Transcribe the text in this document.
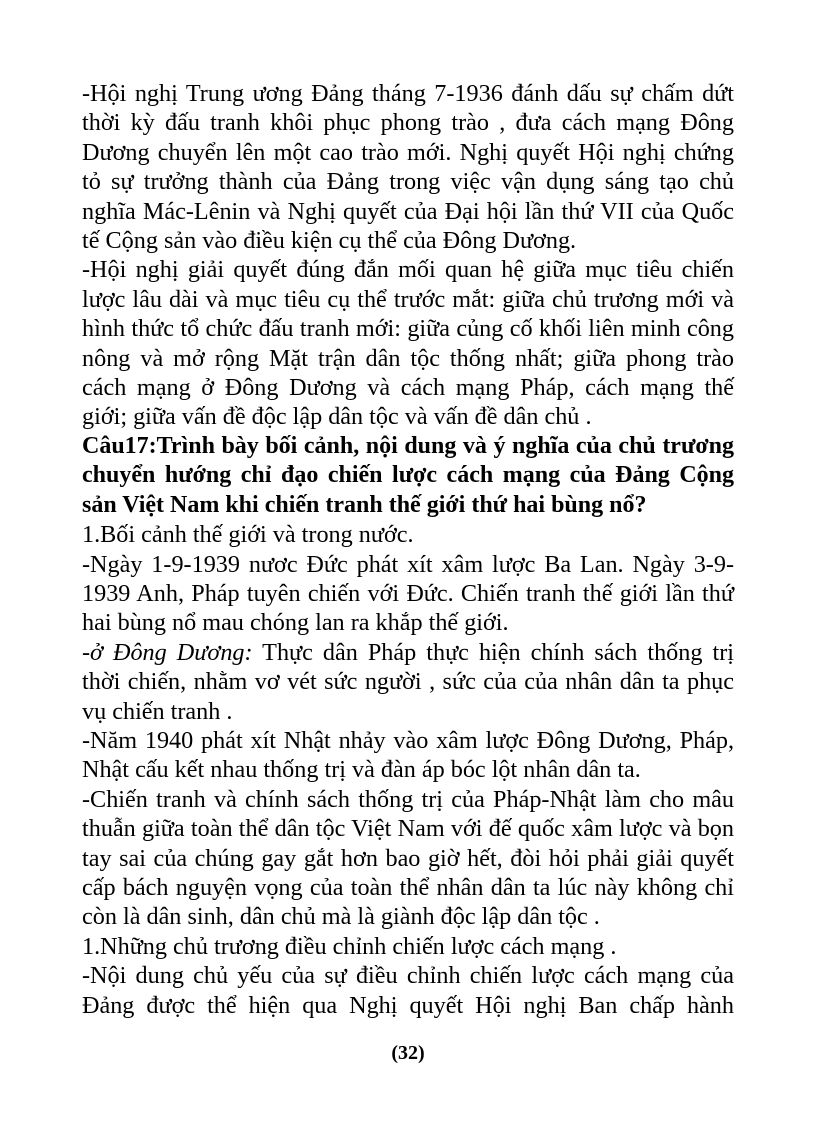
-Hội nghị Trung ương Đảng tháng 7-1936 đánh dấu sự chấm dứt thời kỳ đấu tranh khôi phục phong trào , đưa cách mạng Đông Dương chuyển lên một cao trào mới. Nghị quyết Hội nghị chứng tỏ sự trưởng thành của Đảng trong việc vận dụng sáng tạo chủ nghĩa Mác-Lênin và Nghị quyết của Đại hội lần thứ VII của Quốc tế Cộng sản vào điều kiện cụ thể của Đông Dương.

-Hội nghị giải quyết đúng đắn mối quan hệ giữa mục tiêu chiến lược lâu dài và mục tiêu cụ thể trước mắt: giữa chủ trương mới và hình thức tổ chức đấu tranh mới: giữa củng cố khối liên minh công nông và mở rộng Mặt trận dân tộc thống nhất; giữa phong trào cách mạng ở Đông Dương và cách mạng Pháp, cách mạng thế giới; giữa vấn đề độc lập dân tộc và vấn đề dân chủ .

Câu17:Trình bày bối cảnh, nội dung và ý nghĩa của chủ trương chuyển hướng chỉ đạo chiến lược cách mạng của Đảng Cộng sản Việt Nam khi chiến tranh thế giới thứ hai bùng nổ?

1.Bối cảnh thế giới và trong nước.

-Ngày 1-9-1939 nươc Đức phát xít xâm lược Ba Lan. Ngày 3-9-1939 Anh, Pháp tuyên chiến với Đức. Chiến tranh thế giới lần thứ hai bùng nổ mau chóng lan ra khắp thế giới.

-ở Đông Dương: Thực dân Pháp thực hiện chính sách thống trị thời chiến, nhằm vơ vét sức người , sức của của nhân dân ta phục vụ chiến tranh .

-Năm 1940 phát xít Nhật nhảy vào xâm lược Đông Dương, Pháp, Nhật cấu kết nhau thống trị và đàn áp bóc lột nhân dân ta.

-Chiến tranh và chính sách thống trị của Pháp-Nhật làm cho mâu thuẫn giữa toàn thể dân tộc Việt Nam với đế quốc xâm lược và bọn tay sai của chúng gay gắt hơn bao giờ hết, đòi hỏi phải giải quyết cấp bách nguyện vọng của toàn thể nhân dân ta lúc này không chỉ còn là dân sinh, dân chủ mà là giành độc lập dân tộc .

1.Những chủ trương điều chỉnh chiến lược cách mạng .

-Nội dung chủ yếu của sự điều chỉnh chiến lược cách mạng của Đảng được thể hiện qua Nghị quyết Hội nghị Ban chấp hành

(32)
